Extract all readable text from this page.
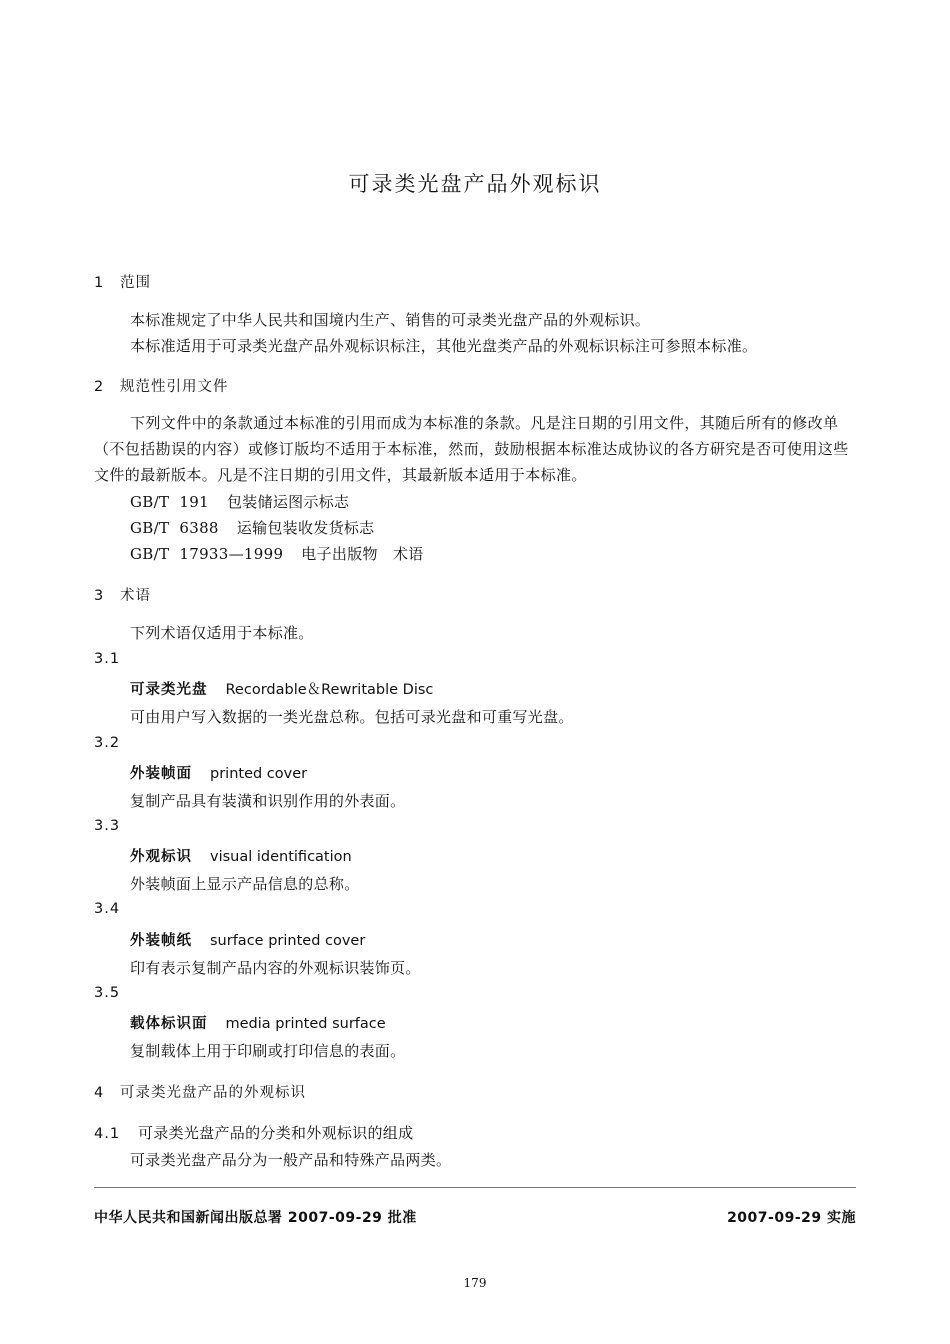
可录类光盘产品外观标识
1 范围
本标准规定了中华人民共和国境内生产、销售的可录类光盘产品的外观标识。
本标准适用于可录类光盘产品外观标识标注，其他光盘类产品的外观标识标注可参照本标准。
2 规范性引用文件
下列文件中的条款通过本标准的引用而成为本标准的条款。凡是注日期的引用文件，其随后所有的修改单（不包括勘误的内容）或修订版均不适用于本标准，然而，鼓励根据本标准达成协议的各方研究是否可使用这些文件的最新版本。凡是不注日期的引用文件，其最新版本适用于本标准。
GB/T  191 包装储运图示标志
GB/T  6388 运输包装收发货标志
GB/T  17933—1999 电子出版物   术语
3 术语
下列术语仅适用于本标准。
3.1
可录类光盘 Recordable＆Rewritable Disc
可由用户写入数据的一类光盘总称。包括可录光盘和可重写光盘。
3.2
外装帧面 printed cover
复制产品具有装潢和识别作用的外表面。
3.3
外观标识 visual identification
外装帧面上显示产品信息的总称。
3.4
外装帧纸 surface printed cover
印有表示复制产品内容的外观标识装饰页。
3.5
载体标识面 media printed surface
复制载体上用于印刷或打印信息的表面。
4 可录类光盘产品的外观标识
4.1 可录类光盘产品的分类和外观标识的组成
可录类光盘产品分为一般产品和特殊产品两类。
中华人民共和国新闻出版总署 2007-09-29 批准	2007-09-29 实施
179
